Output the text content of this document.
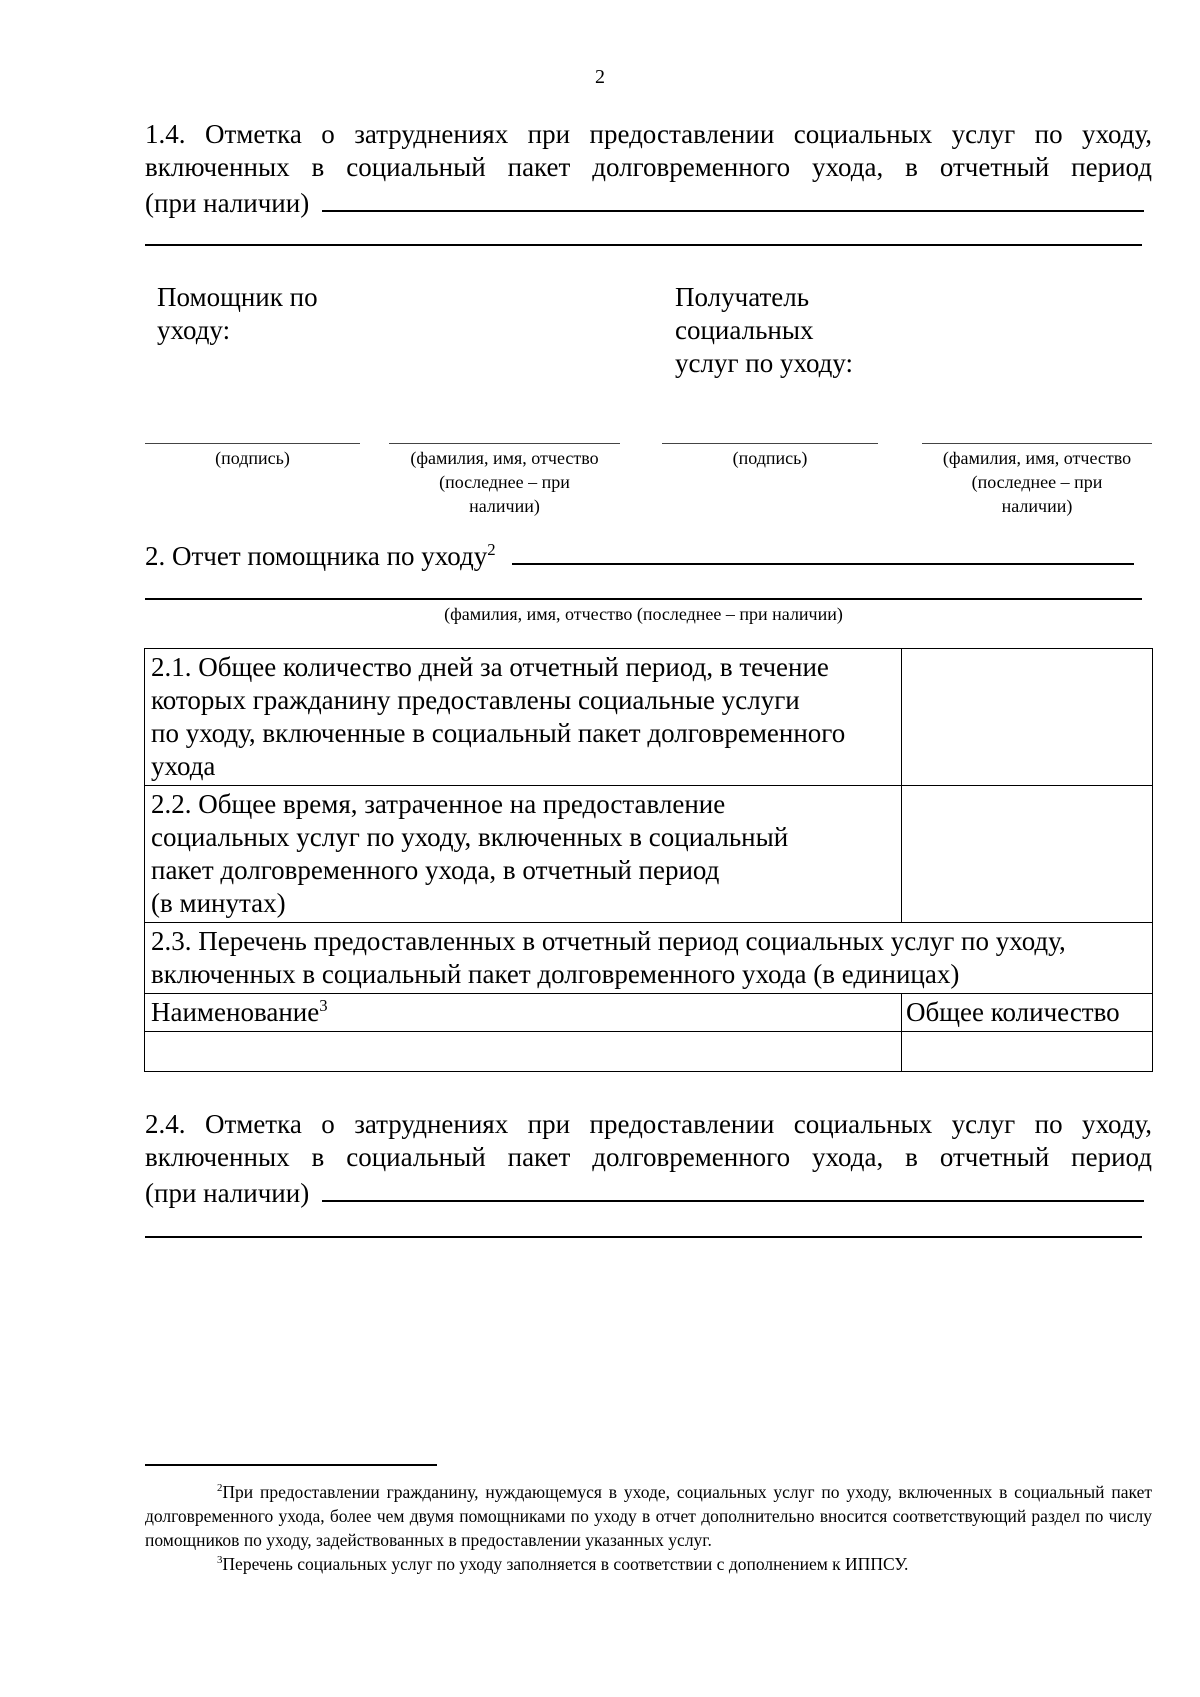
2
1.4. Отметка о затруднениях при предоставлении социальных услуг по уходу,
включенных в социальный пакет долговременного ухода, в отчетный период
(при наличии)
Помощник по
уходу:
Получатель
социальных
услуг по уходу:
(подпись)	(фамилия, имя, отчество
(последнее – при
наличии)
(подпись)	(фамилия, имя, отчество
(последнее – при
наличии)
2. Отчет помощника по уходу$^2$
(фамилия, имя, отчество (последнее – при наличии)
2.1. Общее количество дней за отчетный период, в течение
которых гражданину предоставлены социальные услуги
по уходу, включенные в социальный пакет долговременного
ухода	

2.2. Общее время, затраченное на предоставление
социальных услуг по уходу, включенных в социальный
пакет долговременного ухода, в отчетный период
(в минутах)	

2.3. Перечень предоставленных в отчетный период социальных услуг по уходу,
включенных в социальный пакет долговременного ухода (в единицах)	

Наименование$^3$	Общее количество

2.4. Отметка о затруднениях при предоставлении социальных услуг по уходу,
включенных в социальный пакет долговременного ухода, в отчетный период
(при наличии)
$^2$При предоставлении гражданину, нуждающемуся в уходе, социальных услуг по уходу, включенных в социальный пакет долговременного ухода, более чем двумя помощниками по уходу в отчет дополнительно вносится соответствующий раздел по числу помощников по уходу, задействованных в предоставлении указанных услуг.
$^3$Перечень социальных услуг по уходу заполняется в соответствии с дополнением к ИППСУ.
